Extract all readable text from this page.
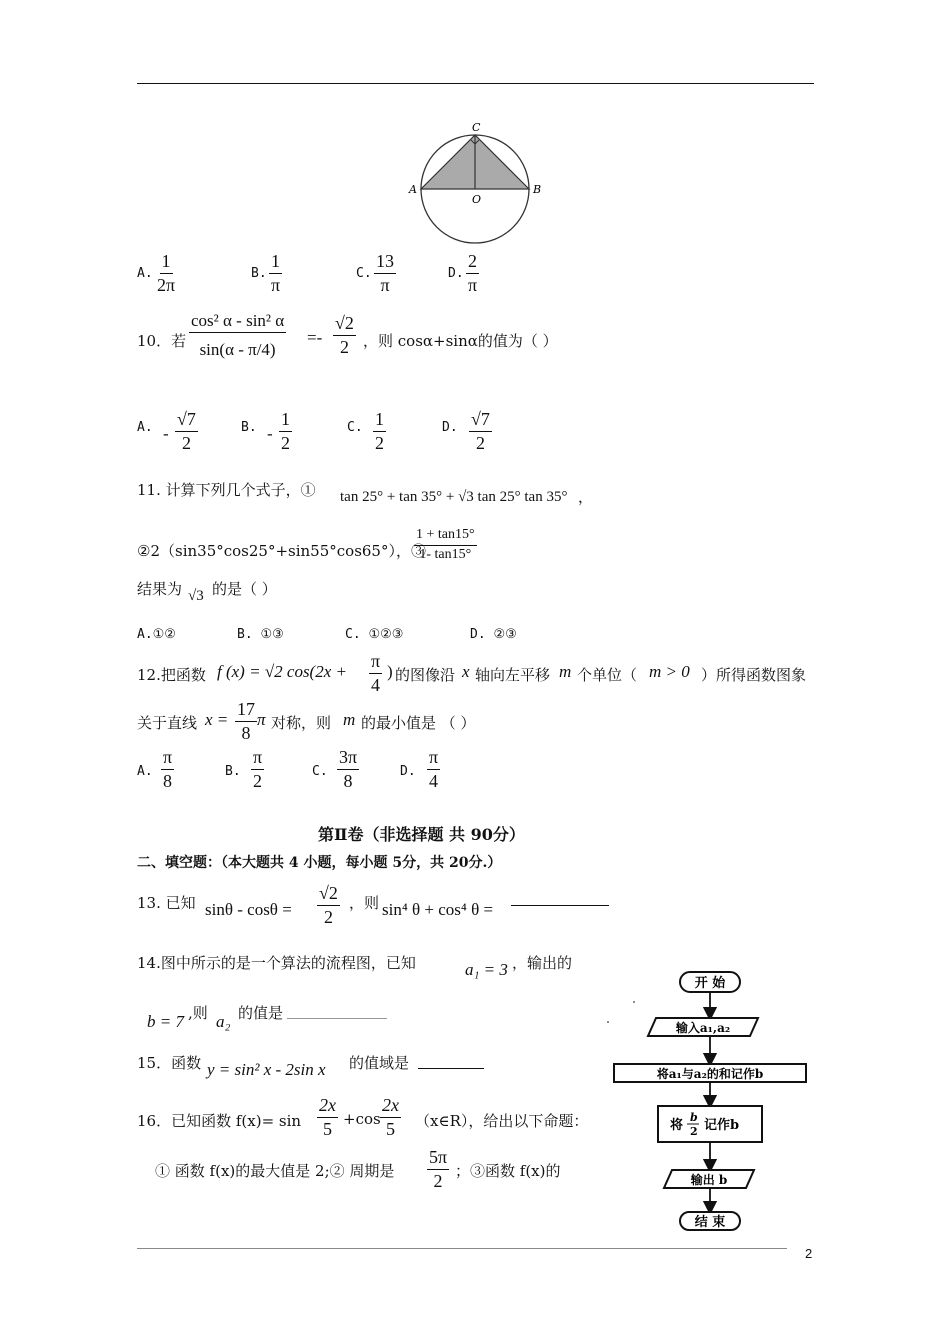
C
A
O
B
A. $\frac{1}{2\pi}$	B. $\frac{1}{\pi}$	C. $\frac{13}{\pi}$	D. $\frac{2}{\pi}$
10．若 $\frac{\text{cos² α - sin² α}}{\sin(\alpha - \pi/4)} =- \frac{√2}{2}$ ，则 cosα+sinα的值为（ ）
A. - $\frac{√7}{2}$	B. - $\frac{1}{2}$	C. $\frac{1}{2}$	D. $\frac{√7}{2}$
11. 计算下列几个式子，① tan 25° + tan 35° + √3 tan 25° tan 35° ，
②2（sin35°cos25°+sin55°cos65°），③
$\frac{1 + \tan 15^\circ}{1- \tan 15^\circ}$
结果为 √3 的是（ ）
A.①②	B. ①③	C. ①②③	D. ②③
12.把函数 f (x) = √2 $\cos(2x + \frac{\pi}{4}$ ) 的图像沿 x 轴向左平移 m 个单位（ m > 0 ）所得函数图象
关于直线 $x = \frac{17}{8}$ π 对称，则 m 的最小值是 （ ）
A. $\frac{\pi}{8}$	B. $\frac{\pi}{2}$	C. $\frac{3\pi}{8}$	D. $\frac{\pi}{4}$
第Ⅱ卷（非选择题 共 90分）
二、填空题：（本大题共 4 小题，每小题 5分，共 20分.）
13. 已知 $\sin\theta - \cos\theta = \frac{√2}{2}$ ，则 sin⁴ θ + cos⁴ θ =
14.图中所示的是一个算法的流程图，已知	a₁ = 3 ，输出的
b = 7 ,则 a₂ 的值是
15．函数 y = sin² x - 2sin x 的值域是
16．已知函数 $f(x)= \sin \frac{2x}{5} +\cos \frac{2x}{5}$ （x∈R），给出以下命题：
① 函数 f(x)的最大值是 2;② 周期是 $\frac{5\pi}{2}$ ；③函数 f(x)的
开 始
输入a₁,a₂
将a₁与a₂的和记作b
将
b
2 记作b
输出 b
结 束
2
